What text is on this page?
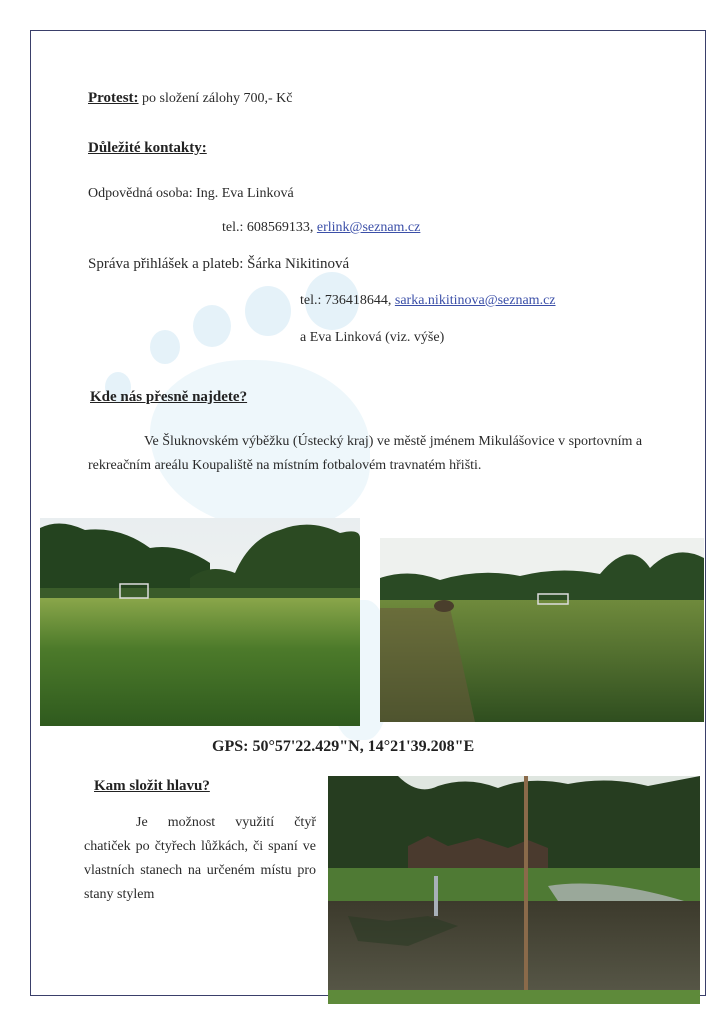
Protest: po složení zálohy 700,- Kč
Důležité kontakty:
Odpovědná osoba: Ing. Eva Linková
tel.: 608569133, erlink@seznam.cz
Správa přihlášek a plateb: Šárka Nikitinová
tel.: 736418644, sarka.nikitinova@seznam.cz
a Eva Linková (viz. výše)
Kde nás přesně najdete?
Ve Šluknovském výběžku (Ústecký kraj) ve městě jménem Mikulášovice v sportovním a rekreačním areálu Koupaliště na místním fotbalovém travnatém hřišti.
GPS: 50°57'22.429"N, 14°21'39.208"E
Kam složit hlavu?
Je možnost využití čtyř chatiček po čtyřech lůžkách, či spaní ve vlastních stanech na určeném místu pro stany stylem
